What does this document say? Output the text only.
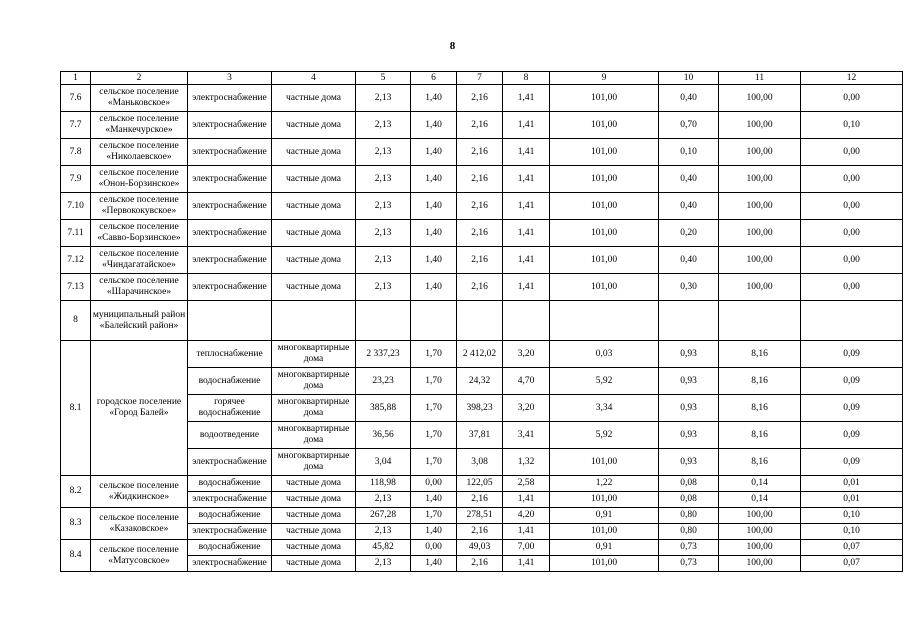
8
1	2	3	4	5	6	7	8	9	10	11	12
7.6	сельское поселение «Маньковское»	электроснабжение	частные дома	2,13	1,40	2,16	1,41	101,00	0,40	100,00	0,00
7.7	сельское поселение «Манкечурское»	электроснабжение	частные дома	2,13	1,40	2,16	1,41	101,00	0,70	100,00	0,10
7.8	сельское поселение «Николаевское»	электроснабжение	частные дома	2,13	1,40	2,16	1,41	101,00	0,10	100,00	0,00
7.9	сельское поселение «Онон-Борзинское»	электроснабжение	частные дома	2,13	1,40	2,16	1,41	101,00	0,40	100,00	0,00
7.10	сельское поселение «Первококувское»	электроснабжение	частные дома	2,13	1,40	2,16	1,41	101,00	0,40	100,00	0,00
7.11	сельское поселение «Савво-Борзинское»	электроснабжение	частные дома	2,13	1,40	2,16	1,41	101,00	0,20	100,00	0,00
7.12	сельское поселение «Чиндагатайское»	электроснабжение	частные дома	2,13	1,40	2,16	1,41	101,00	0,40	100,00	0,00
7.13	сельское поселение «Шарачинское»	электроснабжение	частные дома	2,13	1,40	2,16	1,41	101,00	0,30	100,00	0,00
8	муниципальный район «Балейский район»										
8.1	городское поселение «Город Балей»	теплоснабжение	многоквартирные дома	2 337,23	1,70	2 412,02	3,20	0,03	0,93	8,16	0,09
		водоснабжение	многоквартирные дома	23,23	1,70	24,32	4,70	5,92	0,93	8,16	0,09
		горячее водоснабжение	многоквартирные дома	385,88	1,70	398,23	3,20	3,34	0,93	8,16	0,09
		водоотведение	многоквартирные дома	36,56	1,70	37,81	3,41	5,92	0,93	8,16	0,09
		электроснабжение	многоквартирные дома	3,04	1,70	3,08	1,32	101,00	0,93	8,16	0,09
8.2	сельское поселение «Жидкинское»	водоснабжение	частные дома	118,98	0,00	122,05	2,58	1,22	0,08	0,14	0,01
		электроснабжение	частные дома	2,13	1,40	2,16	1,41	101,00	0,08	0,14	0,01
8.3	сельское поселение «Казаковское»	водоснабжение	частные дома	267,28	1,70	278,51	4,20	0,91	0,80	100,00	0,10
		электроснабжение	частные дома	2,13	1,40	2,16	1,41	101,00	0,80	100,00	0,10
8.4	сельское поселение «Матусовское»	водоснабжение	частные дома	45,82	0,00	49,03	7,00	0,91	0,73	100,00	0,07
		электроснабжение	частные дома	2,13	1,40	2,16	1,41	101,00	0,73	100,00	0,07
